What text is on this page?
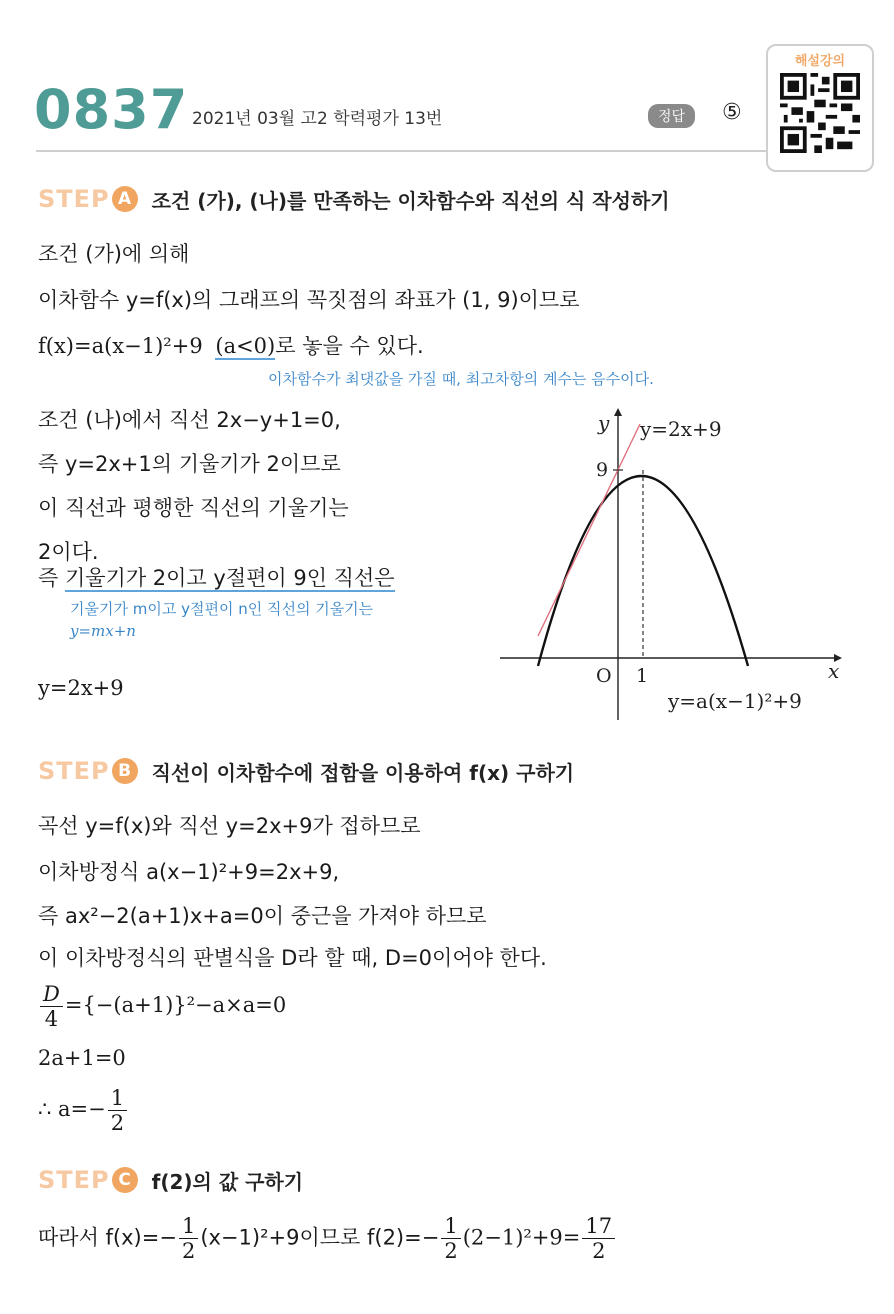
0837 2021년 03월 고2 학력평가 13번	정답	⑤
해설강의
STEP A	조건 (가), (나)를 만족하는 이차함수와 직선의 식 작성하기
조건 (가)에 의해
이차함수 y=f(x)의 그래프의 꼭짓점의 좌표가 (1, 9)이므로
f(x)=a(x−1)²+9 (a<0)로 놓을 수 있다.
이차함수가 최댓값을 가질 때, 최고차항의 계수는 음수이다.
조건 (나)에서 직선 2x−y+1=0,
즉 y=2x+1의 기울기가 2이므로
이 직선과 평행한 직선의 기울기는
2이다.
즉 기울기가 2이고 y절편이 9인 직선은
기울기가 m이고 y절편이 n인 직선의 기울기는
y=mx+n
y=2x+9
y
x
O 1
9
y=2x+9
y=a(x−1)²+9
STEP B	직선이 이차함수에 접함을 이용하여 f(x) 구하기
곡선 y=f(x)와 직선 y=2x+9가 접하므로
이차방정식 a(x−1)²+9=2x+9,
즉 ax²−2(a+1)x+a=0이 중근을 가져야 하므로
이 이차방정식의 판별식을 D라 할 때, D=0이어야 한다.
$\frac{D}{4} =\{-(a+1)\}^2-a\times a=0$
2a+1=0
∴ $a=- \frac{1}{2}$
STEP C	f(2)의 값 구하기
따라서 $f(x)=- \frac{1}{2} (x-1)^2+9$이므로 $f(2)=- \frac{1}{2} (2-1)^2+9= \frac{17}{2}$
